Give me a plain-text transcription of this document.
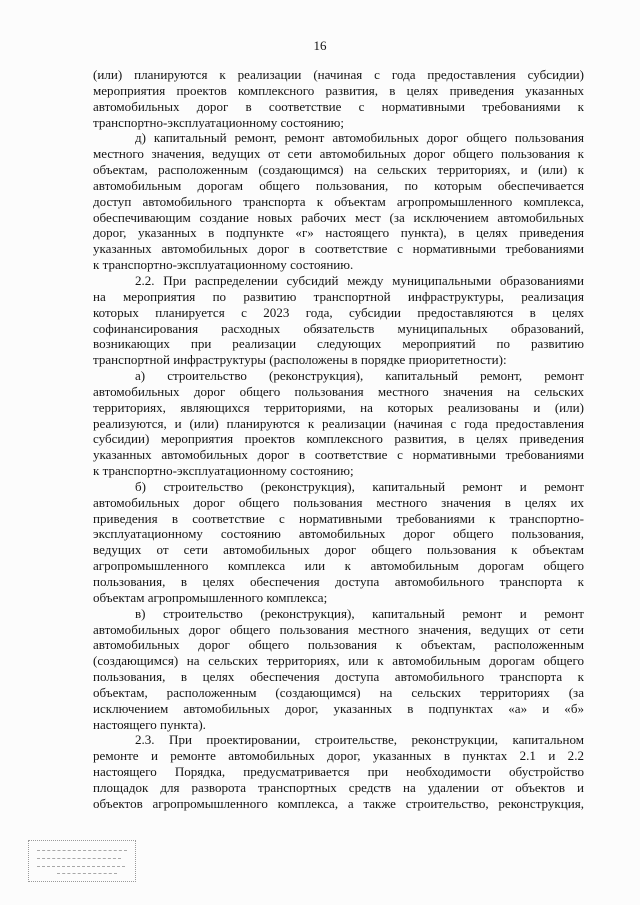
16
(или) планируются к реализации (начиная с года предоставления субсидии)
мероприятия проектов комплексного развития, в целях приведения указанных
автомобильных дорог в соответствие с нормативными требованиями к
транспортно-эксплуатационному состоянию;
д) капитальный ремонт, ремонт автомобильных дорог общего пользования
местного значения, ведущих от сети автомобильных дорог общего пользования к
объектам, расположенным (создающимся) на сельских территориях, и (или) к
автомобильным дорогам общего пользования, по которым обеспечивается
доступ автомобильного транспорта к объектам агропромышленного комплекса,
обеспечивающим создание новых рабочих мест (за исключением автомобильных
дорог, указанных в подпункте «г» настоящего пункта), в целях приведения
указанных автомобильных дорог в соответствие с нормативными требованиями
к транспортно-эксплуатационному состоянию.
2.2. При распределении субсидий между муниципальными образованиями
на мероприятия по развитию транспортной инфраструктуры, реализация
которых планируется с 2023 года, субсидии предоставляются в целях
софинансирования расходных обязательств муниципальных образований,
возникающих при реализации следующих мероприятий по развитию
транспортной инфраструктуры (расположены в порядке приоритетности):
а) строительство (реконструкция), капитальный ремонт, ремонт
автомобильных дорог общего пользования местного значения на сельских
территориях, являющихся территориями, на которых реализованы и (или)
реализуются, и (или) планируются к реализации (начиная с года предоставления
субсидии) мероприятия проектов комплексного развития, в целях приведения
указанных автомобильных дорог в соответствие с нормативными требованиями
к транспортно-эксплуатационному состоянию;
б) строительство (реконструкция), капитальный ремонт и ремонт
автомобильных дорог общего пользования местного значения в целях их
приведения в соответствие с нормативными требованиями к транспортно-
эксплуатационному состоянию автомобильных дорог общего пользования,
ведущих от сети автомобильных дорог общего пользования к объектам
агропромышленного комплекса или к автомобильным дорогам общего
пользования, в целях обеспечения доступа автомобильного транспорта к
объектам агропромышленного комплекса;
в) строительство (реконструкция), капитальный ремонт и ремонт
автомобильных дорог общего пользования местного значения, ведущих от сети
автомобильных дорог общего пользования к объектам, расположенным
(создающимся) на сельских территориях, или к автомобильным дорогам общего
пользования, в целях обеспечения доступа автомобильного транспорта к
объектам, расположенным (создающимся) на сельских территориях (за
исключением автомобильных дорог, указанных в подпунктах «а» и «б»
настоящего пункта).
2.3. При проектировании, строительстве, реконструкции, капитальном
ремонте и ремонте автомобильных дорог, указанных в пунктах 2.1 и 2.2
настоящего Порядка, предусматривается при необходимости обустройство
площадок для разворота транспортных средств на удалении от объектов и
объектов агропромышленного комплекса, а также строительство, реконструкция,
